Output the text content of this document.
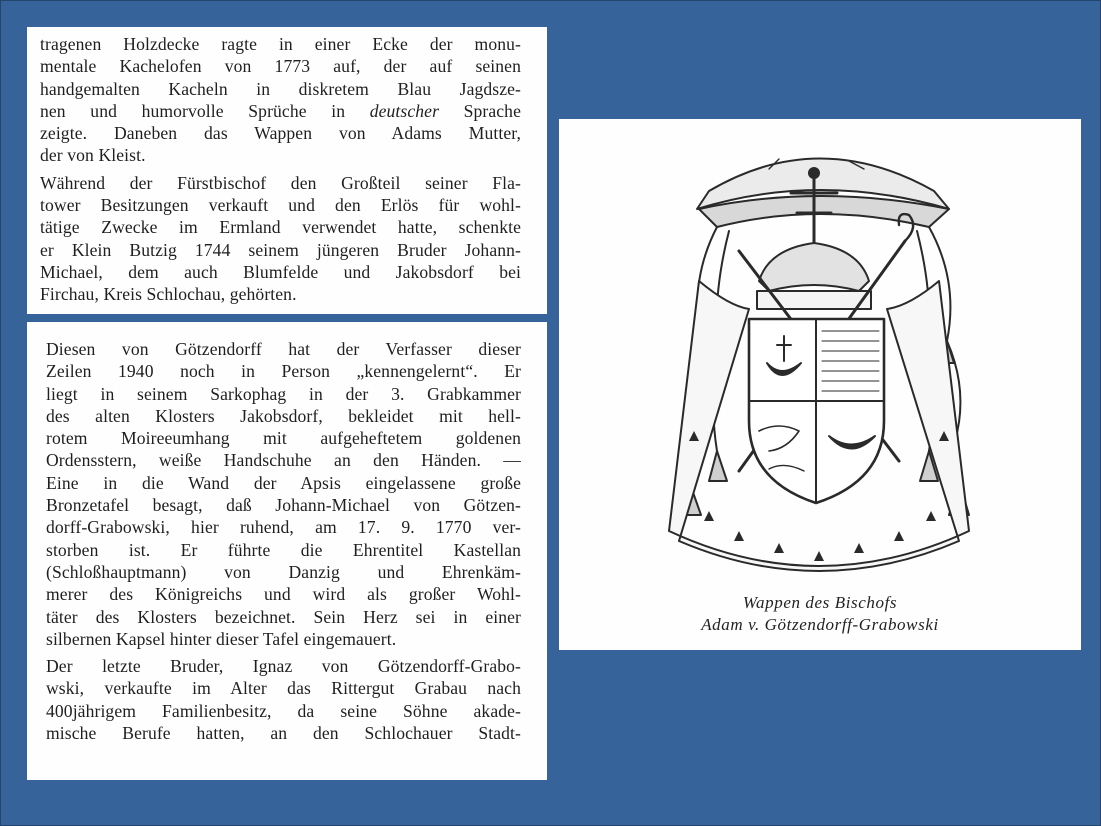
tragenen Holzdecke ragte in einer Ecke der monu-
mentale Kachelofen von 1773 auf, der auf seinen
handgemalten Kacheln in diskretem Blau Jagdsze-
nen und humorvolle Sprüche in deutscher Sprache
zeigte. Daneben das Wappen von Adams Mutter,
der von Kleist.

Während der Fürstbischof den Großteil seiner Fla-
tower Besitzungen verkauft und den Erlös für wohl-
tätige Zwecke im Ermland verwendet hatte, schenkte
er Klein Butzig 1744 seinem jüngeren Bruder Johann-
Michael, dem auch Blumfelde und Jakobsdorf bei
Firchau, Kreis Schlochau, gehörten.

Diesen von Götzendorff hat der Verfasser dieser
Zeilen 1940 noch in Person „kennengelernt“. Er
liegt in seinem Sarkophag in der 3. Grabkammer
des alten Klosters Jakobsdorf, bekleidet mit hell-
rotem Moireeumhang mit aufgeheftetem goldenen
Ordensstern, weiße Handschuhe an den Händen. —
Eine in die Wand der Apsis eingelassene große
Bronzetafel besagt, daß Johann-Michael von Götzen-
dorff-Grabowski, hier ruhend, am 17. 9. 1770 ver-
storben ist. Er führte die Ehrentitel Kastellan
(Schloßhauptmann) von Danzig und Ehrenkäm-
merer des Königreichs und wird als großer Wohl-
täter des Klosters bezeichnet. Sein Herz sei in einer
silbernen Kapsel hinter dieser Tafel eingemauert.

Der letzte Bruder, Ignaz von Götzendorff-Grabo-
wski, verkaufte im Alter das Rittergut Grabau nach
400jährigem Familienbesitz, da seine Söhne akade-
mische Berufe hatten, an den Schlochauer Stadt-

Wappen des Bischofs
Adam v. Götzendorff-Grabowski
